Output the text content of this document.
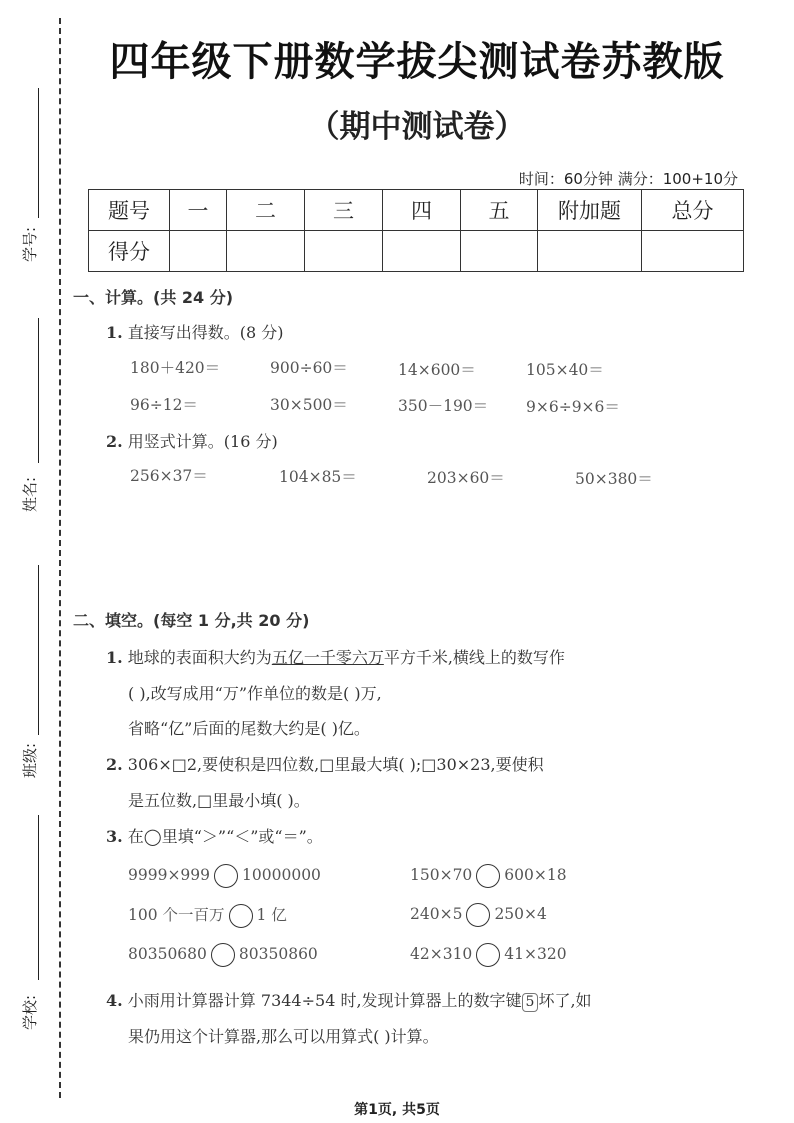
学号:
姓名:
班级:
学校:
四年级下册数学拔尖测试卷苏教版
（期中测试卷）
时间：60分钟 满分：100+10分
题号	一	二	三	四	五	附加题	总分
得分							
一、计算。(共 24 分)
1. 直接写出得数。(8 分)
180＋420＝	900÷60＝	14×600＝	105×40＝
96÷12＝	30×500＝	350－190＝ 9×6÷9×6＝
2. 用竖式计算。(16 分)
256×37＝	104×85＝	203×60＝	50×380＝
二、填空。(每空 1 分,共 20 分)
1. 地球的表面积大约为五亿一千零六万平方千米,横线上的数写作
( ),改写成用“万”作单位的数是( )万,
省略“亿”后面的尾数大约是( )亿。
2. 306×□2,要使积是四位数,□里最大填( );□30×23,要使积
是五位数,□里最小填( )。
3. 在◯里填“＞”“＜”或“＝”。
9999×999 10000000	150×70 600×18
100 个一百万 1 亿	240×5 250×4
80350680 80350860	42×310 41×320
4. 小雨用计算器计算 7344÷54 时,发现计算器上的数字键 5 坏了,如
果仍用这个计算器,那么可以用算式( )计算。
第1页, 共5页
